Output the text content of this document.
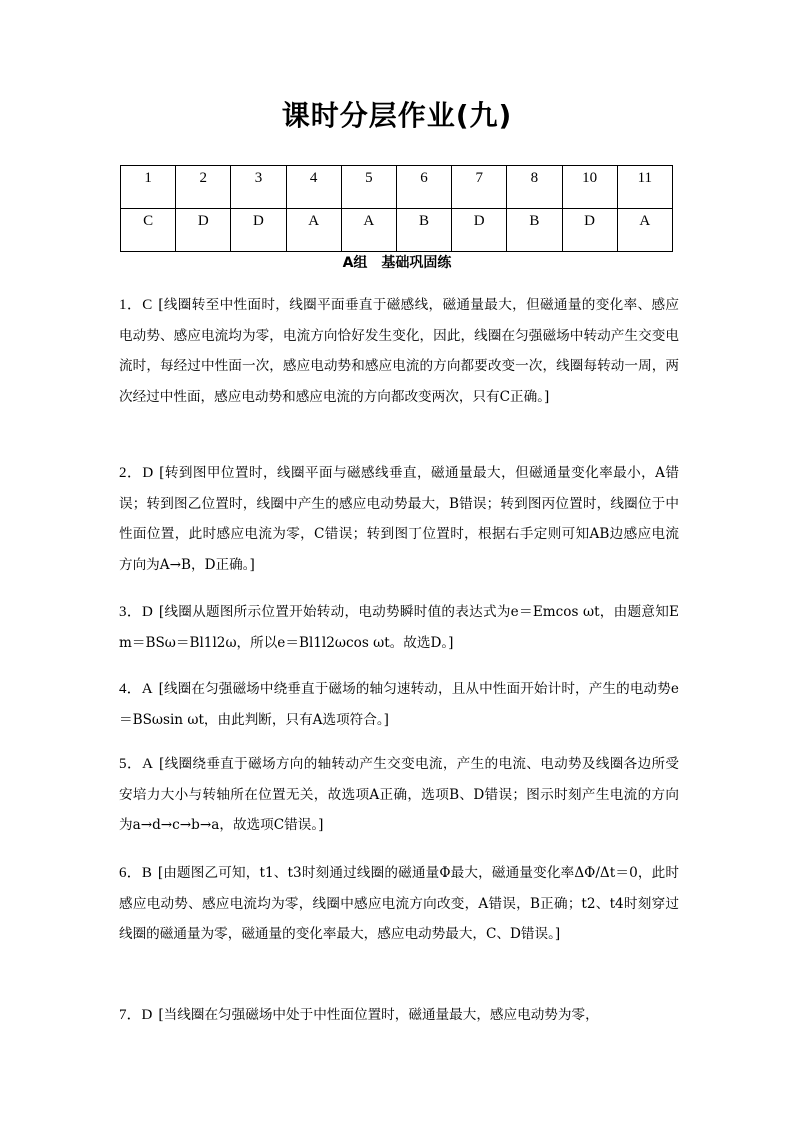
课时分层作业(九)
1	2	3	4	5	6	7	8	10	11
C	D	D	A	A	B	D	B	D	A
A组　基础巩固练
1．C [线圈转至中性面时，线圈平面垂直于磁感线，磁通量最大，但磁通量的变化率、感应电动势、感应电流均为零，电流方向恰好发生变化，因此，线圈在匀强磁场中转动产生交变电流时，每经过中性面一次，感应电动势和感应电流的方向都要改变一次，线圈每转动一周，两次经过中性面，感应电动势和感应电流的方向都改变两次，只有C正确。]
2．D [转到图甲位置时，线圈平面与磁感线垂直，磁通量最大，但磁通量变化率最小，A错误；转到图乙位置时，线圈中产生的感应电动势最大，B错误；转到图丙位置时，线圈位于中性面位置，此时感应电流为零，C错误；转到图丁位置时，根据右手定则可知AB边感应电流方向为A→B，D正确。]
3．D [线圈从题图所示位置开始转动，电动势瞬时值的表达式为e＝Emcos ωt，由题意知Em＝BSω＝Bl1l2ω，所以e＝Bl1l2ωcos ωt。故选D。]
4．A [线圈在匀强磁场中绕垂直于磁场的轴匀速转动，且从中性面开始计时，产生的电动势e＝BSωsin ωt，由此判断，只有A选项符合。]
5．A [线圈绕垂直于磁场方向的轴转动产生交变电流，产生的电流、电动势及线圈各边所受安培力大小与转轴所在位置无关，故选项A正确，选项B、D错误；图示时刻产生电流的方向为a→d→c→b→a，故选项C错误。]
6．B [由题图乙可知，t1、t3时刻通过线圈的磁通量Φ最大，磁通量变化率ΔΦ/Δt＝0，此时感应电动势、感应电流均为零，线圈中感应电流方向改变，A错误，B正确；t2、t4时刻穿过线圈的磁通量为零，磁通量的变化率最大，感应电动势最大，C、D错误。]
7．D [当线圈在匀强磁场中处于中性面位置时，磁通量最大，感应电动势为零，
